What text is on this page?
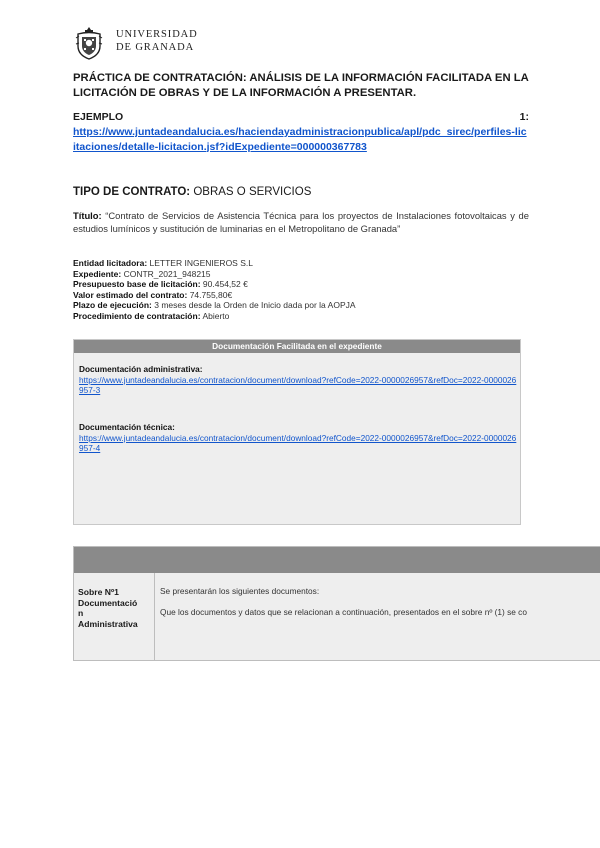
UNIVERSIDAD
DE GRANADA
PRÁCTICA DE CONTRATACIÓN: ANÁLISIS DE LA INFORMACIÓN FACILITADA EN LA LICITACIÓN DE OBRAS Y DE LA INFORMACIÓN A PRESENTAR.
EJEMPLO	1:
https://www.juntadeandalucia.es/haciendayadministracionpublica/apl/pdc_sirec/perfiles-licitaciones/detalle-licitacion.jsf?idExpediente=000000367783
TIPO DE CONTRATO: OBRAS O SERVICIOS
Título: “Contrato de Servicios de Asistencia Técnica para los proyectos de Instalaciones fotovoltaicas y de estudios lumínicos y sustitución de luminarias en el Metropolitano de Granada”
Entidad licitadora: LETTER INGENIEROS S.L
Expediente: CONTR_2021_948215
Presupuesto base de licitación: 90.454,52 €
Valor estimado del contrato: 74.755,80€
Plazo de ejecución: 3 meses desde la Orden de Inicio dada por la AOPJA
Procedimiento de contratación: Abierto
Documentación Facilitada en el expediente
Documentación administrativa:
https://www.juntadeandalucia.es/contratacion/document/download?refCode=2022-0000026957&refDoc=2022-0000026957-3
Documentación técnica:
https://www.juntadeandalucia.es/contratacion/document/download?refCode=2022-0000026957&refDoc=2022-0000026957-4
Sobre Nº1
Documentació
n
Administrativa

Se presentarán los siguientes documentos:

Que los documentos y datos que se relacionan a continuación, presentados en el sobre nº (1) se co
